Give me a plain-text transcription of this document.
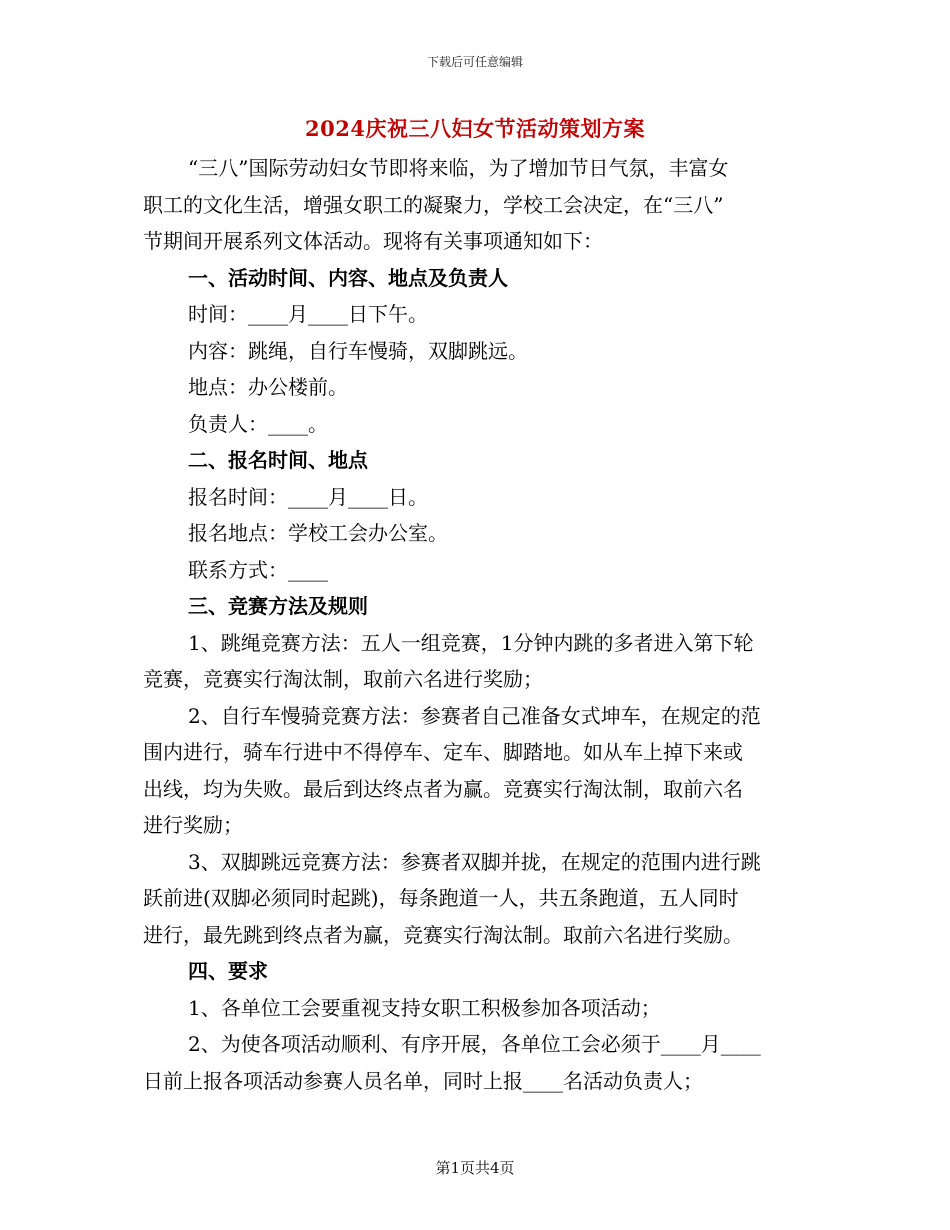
下载后可任意编辑
2024庆祝三八妇女节活动策划方案
“三八”国际劳动妇女节即将来临，为了增加节日气氛，丰富女
职工的文化生活，增强女职工的凝聚力，学校工会决定，在“三八”
节期间开展系列文体活动。现将有关事项通知如下：
一、活动时间、内容、地点及负责人
时间：____月____日下午。
内容：跳绳，自行车慢骑，双脚跳远。
地点：办公楼前。
负责人：____。
二、报名时间、地点
报名时间：____月____日。
报名地点：学校工会办公室。
联系方式：____
三、竞赛方法及规则
1、跳绳竞赛方法：五人一组竞赛，1分钟内跳的多者进入第下轮
竞赛，竞赛实行淘汰制，取前六名进行奖励；
2、自行车慢骑竞赛方法：参赛者自己准备女式坤车，在规定的范
围内进行，骑车行进中不得停车、定车、脚踏地。如从车上掉下来或
出线，均为失败。最后到达终点者为赢。竞赛实行淘汰制，取前六名
进行奖励；
3、双脚跳远竞赛方法：参赛者双脚并拢，在规定的范围内进行跳
跃前进(双脚必须同时起跳)，每条跑道一人，共五条跑道，五人同时
进行，最先跳到终点者为赢，竞赛实行淘汰制。取前六名进行奖励。
四、要求
1、各单位工会要重视支持女职工积极参加各项活动；
2、为使各项活动顺利、有序开展，各单位工会必须于____月____
日前上报各项活动参赛人员名单，同时上报____名活动负责人；
第1页共4页
